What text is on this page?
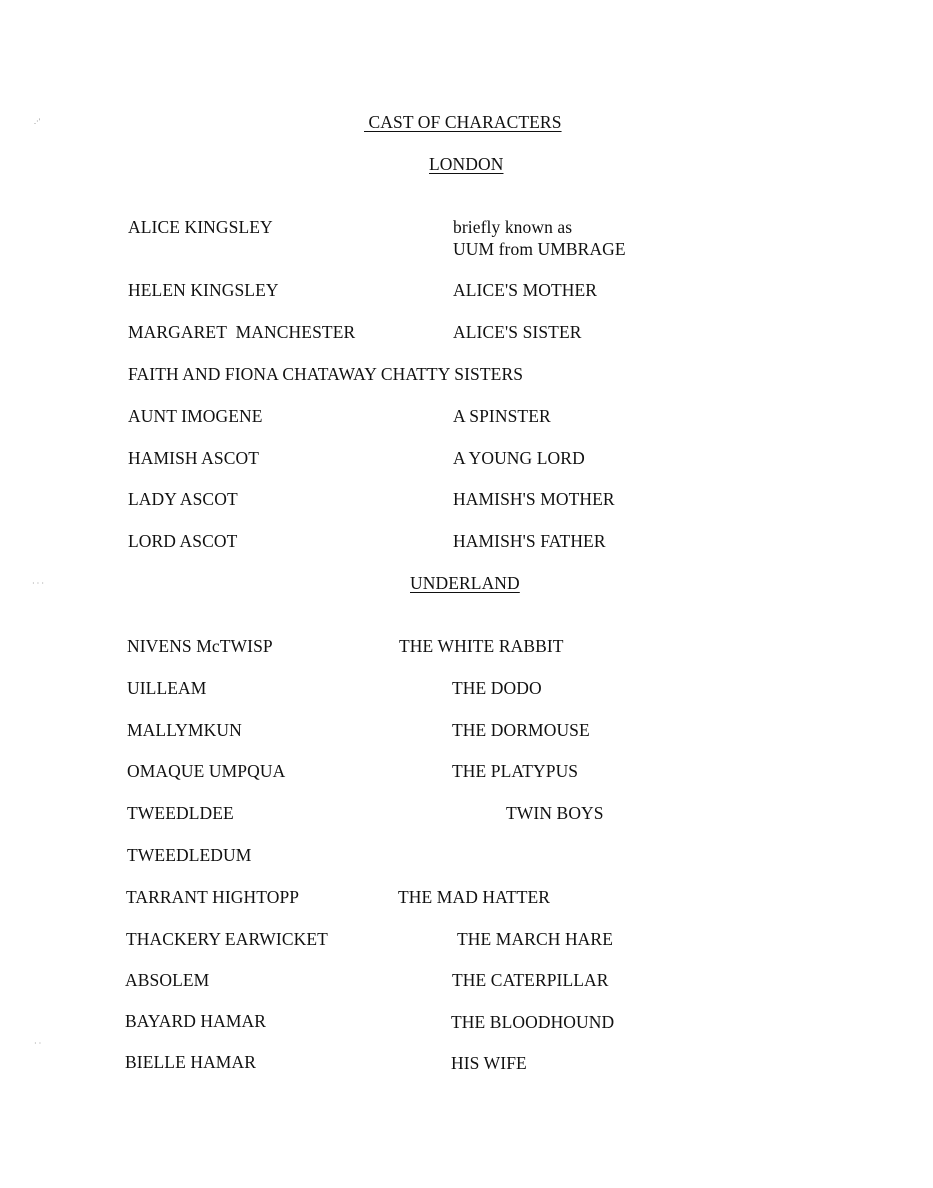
.·'
· · ·
· ·
CAST OF CHARACTERS
LONDON
ALICE KINGSLEY	briefly known as
UUM from UMBRAGE
HELEN KINGSLEY	ALICE'S MOTHER
MARGARET  MANCHESTER	ALICE'S SISTER
FAITH AND FIONA CHATAWAY CHATTY SISTERS
AUNT IMOGENE	A SPINSTER
HAMISH ASCOT	A YOUNG LORD
LADY ASCOT	HAMISH'S MOTHER
LORD ASCOT	HAMISH'S FATHER
UNDERLAND
NIVENS McTWISP	THE WHITE RABBIT
UILLEAM	THE DODO
MALLYMKUN	THE DORMOUSE
OMAQUE UMPQUA	THE PLATYPUS
TWEEDLDEE	TWIN BOYS
TWEEDLEDUM
TARRANT HIGHTOPP	THE MAD HATTER
THACKERY EARWICKET	THE MARCH HARE
ABSOLEM	THE CATERPILLAR
BAYARD HAMAR	THE BLOODHOUND
BIELLE HAMAR	HIS WIFE
